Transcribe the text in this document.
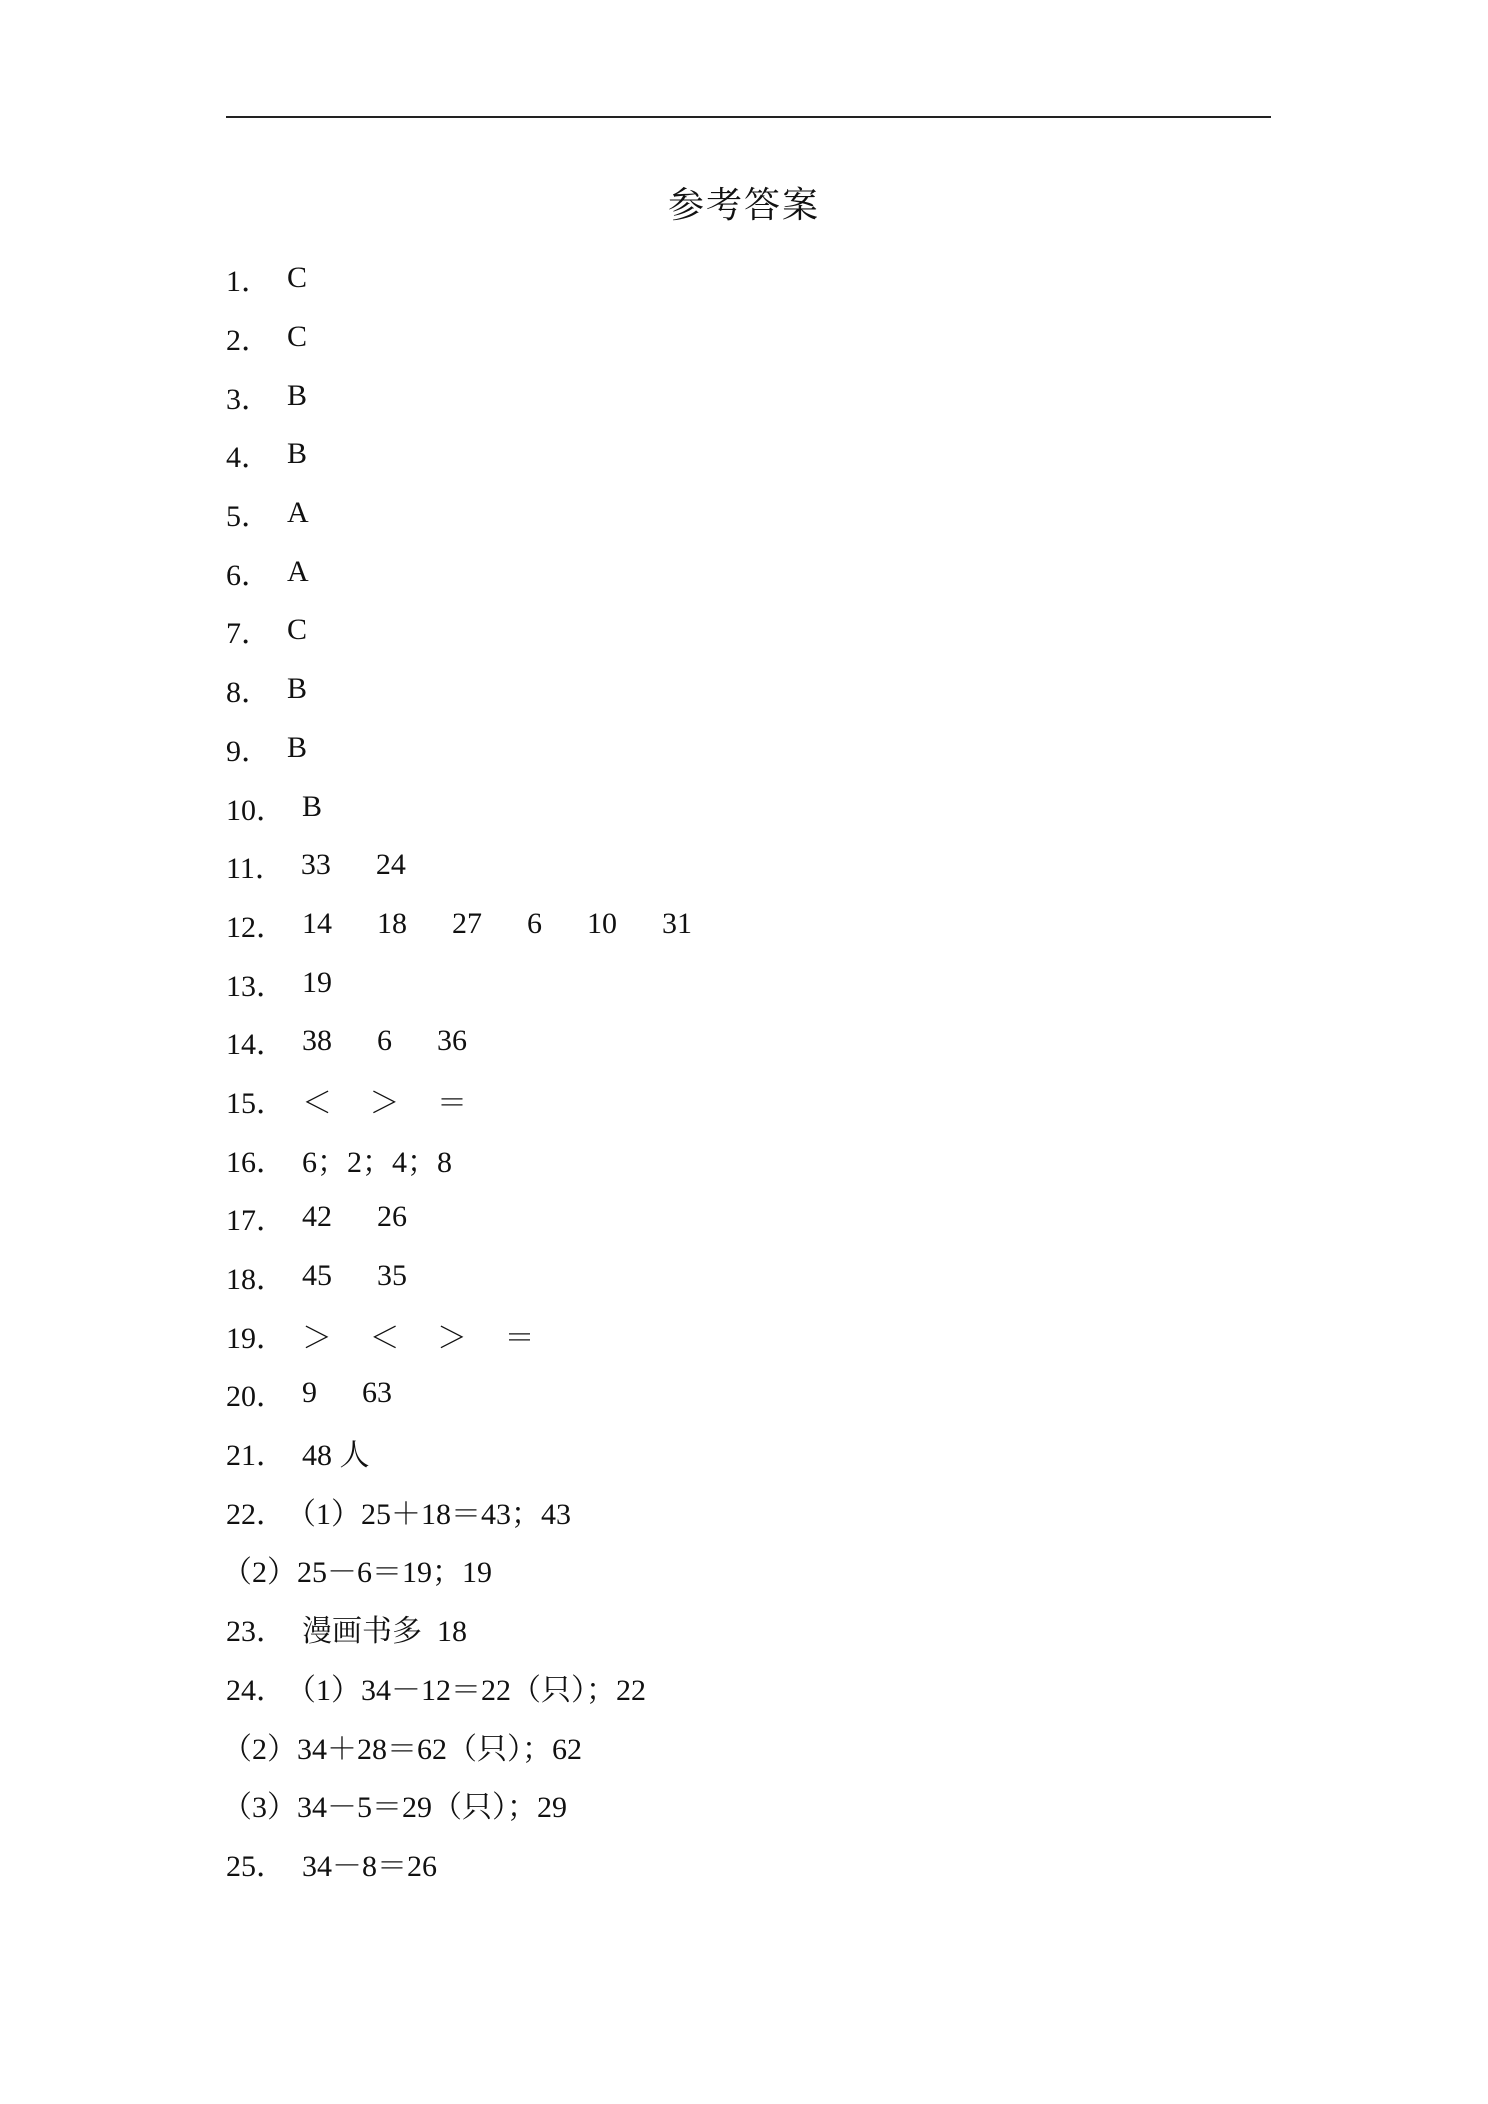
参考答案
1． C
2． C
3． B
4． B
5． A
6． A
7． C
8． B
9． B
10． B
11． 33      24
12． 14      18      27      6      10      31
13． 19
14． 38      6      36
15． ＜     ＞     ＝
16． 6；2；4；8
17． 42      26
18． 45      35
19． ＞     ＜     ＞     ＝
20． 9      63
21． 48 人
22． （1）25＋18＝43；43
（2）25－6＝19；19
23． 漫画书多  18
24． （1）34－12＝22（只）；22
（2）34＋28＝62（只）；62
（3）34－5＝29（只）；29
25． 34－8＝26
